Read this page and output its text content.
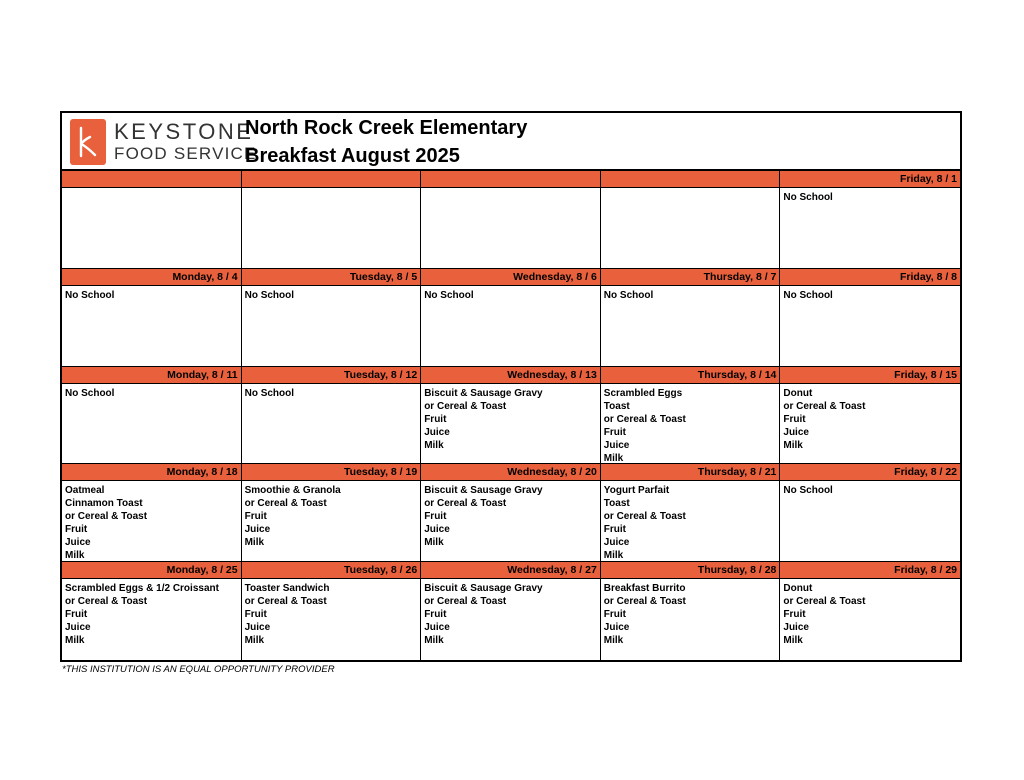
KEYSTONE
FOOD SERVICE
North Rock Creek Elementary
Breakfast August 2025
Friday, 8 / 1
No School
Monday, 8 / 4
No School
Tuesday, 8 / 5
No School
Wednesday, 8 / 6
No School
Thursday, 8 / 7
No School
Friday, 8 / 8
No School
Monday, 8 / 11
No School
Tuesday, 8 / 12
No School
Wednesday, 8 / 13
Biscuit & Sausage Gravy
or Cereal & Toast
Fruit
Juice
Milk
Thursday, 8 / 14
Scrambled Eggs
Toast
or Cereal & Toast
Fruit
Juice
Milk
Friday, 8 / 15
Donut
or Cereal & Toast
Fruit
Juice
Milk
Monday, 8 / 18
Oatmeal
Cinnamon Toast
or Cereal & Toast
Fruit
Juice
Milk
Tuesday, 8 / 19
Smoothie & Granola
or Cereal & Toast
Fruit
Juice
Milk
Wednesday, 8 / 20
Biscuit & Sausage Gravy
or Cereal & Toast
Fruit
Juice
Milk
Thursday, 8 / 21
Yogurt Parfait
Toast
or Cereal & Toast
Fruit
Juice
Milk
Friday, 8 / 22
No School
Monday, 8 / 25
Scrambled Eggs & 1/2 Croissant
or Cereal & Toast
Fruit
Juice
Milk
Tuesday, 8 / 26
Toaster Sandwich
or Cereal & Toast
Fruit
Juice
Milk
Wednesday, 8 / 27
Biscuit & Sausage Gravy
or Cereal & Toast
Fruit
Juice
Milk
Thursday, 8 / 28
Breakfast Burrito
or Cereal & Toast
Fruit
Juice
Milk
Friday, 8 / 29
Donut
or Cereal & Toast
Fruit
Juice
Milk
*THIS INSTITUTION IS AN EQUAL OPPORTUNITY PROVIDER
